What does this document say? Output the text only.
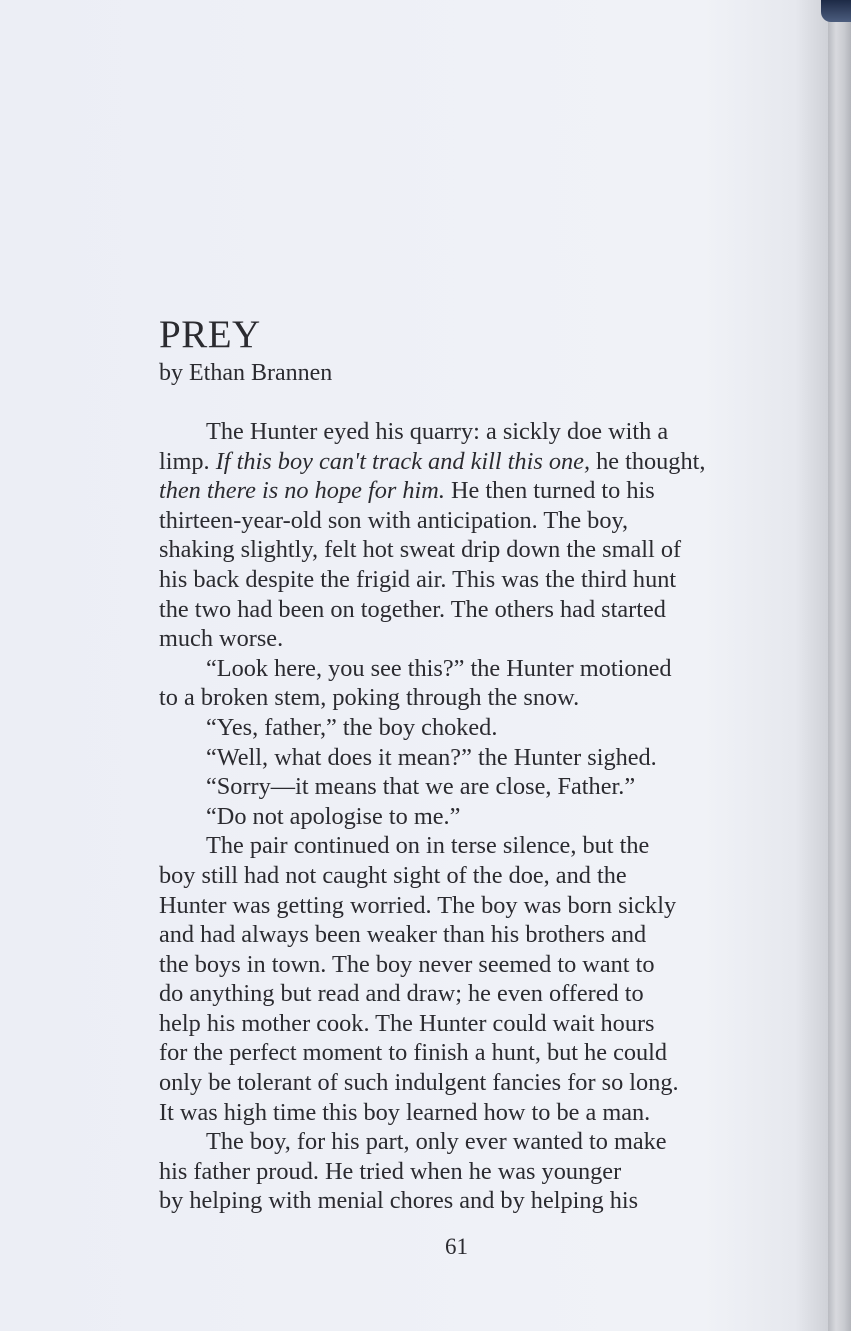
PREY
by Ethan Brannen
The Hunter eyed his quarry: a sickly doe with a
limp. If this boy can't track and kill this one, he thought,
then there is no hope for him. He then turned to his
thirteen-year-old son with anticipation. The boy,
shaking slightly, felt hot sweat drip down the small of
his back despite the frigid air. This was the third hunt
the two had been on together. The others had started
much worse.
“Look here, you see this?” the Hunter motioned
to a broken stem, poking through the snow.
“Yes, father,” the boy choked.
“Well, what does it mean?” the Hunter sighed.
“Sorry—it means that we are close, Father.”
“Do not apologise to me.”
The pair continued on in terse silence, but the
boy still had not caught sight of the doe, and the
Hunter was getting worried. The boy was born sickly
and had always been weaker than his brothers and
the boys in town. The boy never seemed to want to
do anything but read and draw; he even offered to
help his mother cook. The Hunter could wait hours
for the perfect moment to finish a hunt, but he could
only be tolerant of such indulgent fancies for so long.
It was high time this boy learned how to be a man.
The boy, for his part, only ever wanted to make
his father proud. He tried when he was younger
by helping with menial chores and by helping his
61
